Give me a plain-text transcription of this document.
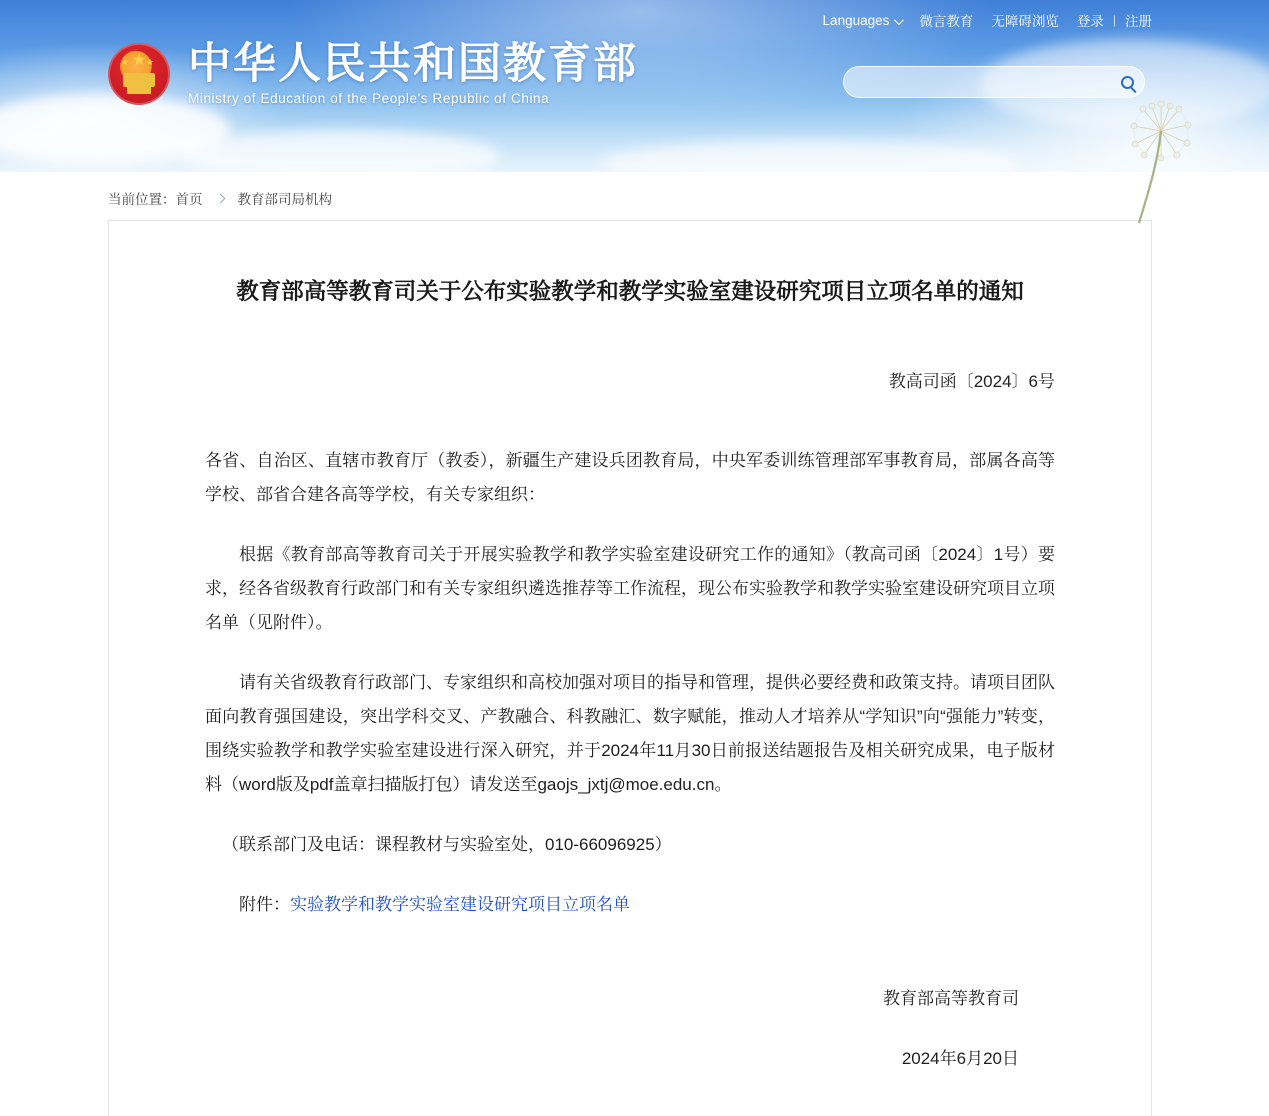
Languages	微言教育	无障碍浏览	登录 | 注册
★
★ ★ 中华人民共和国教育部
Ministry of Education of the People's Republic of China
当前位置： 首页	教育部司局机构
教育部高等教育司关于公布实验教学和教学实验室建设研究项目立项名单的通知
教高司函〔2024〕6号

各省、自治区、直辖市教育厅（教委），新疆生产建设兵团教育局，中央军委训练管理部军事教育局，部属各高等学校、部省合建各高等学校，有关专家组织：

根据《教育部高等教育司关于开展实验教学和教学实验室建设研究工作的通知》（教高司函〔2024〕1号）要求，经各省级教育行政部门和有关专家组织遴选推荐等工作流程，现公布实验教学和教学实验室建设研究项目立项名单（见附件）。

请有关省级教育行政部门、专家组织和高校加强对项目的指导和管理，提供必要经费和政策支持。请项目团队面向教育强国建设，突出学科交叉、产教融合、科教融汇、数字赋能，推动人才培养从“学知识”向“强能力”转变，围绕实验教学和教学实验室建设进行深入研究，并于2024年11月30日前报送结题报告及相关研究成果，电子版材料（word版及pdf盖章扫描版打包）请发送至gaojs_jxtj@moe.edu.cn。

（联系部门及电话：课程教材与实验室处，010-66096925）

附件：实验教学和教学实验室建设研究项目立项名单
教育部高等教育司
2024年6月20日
